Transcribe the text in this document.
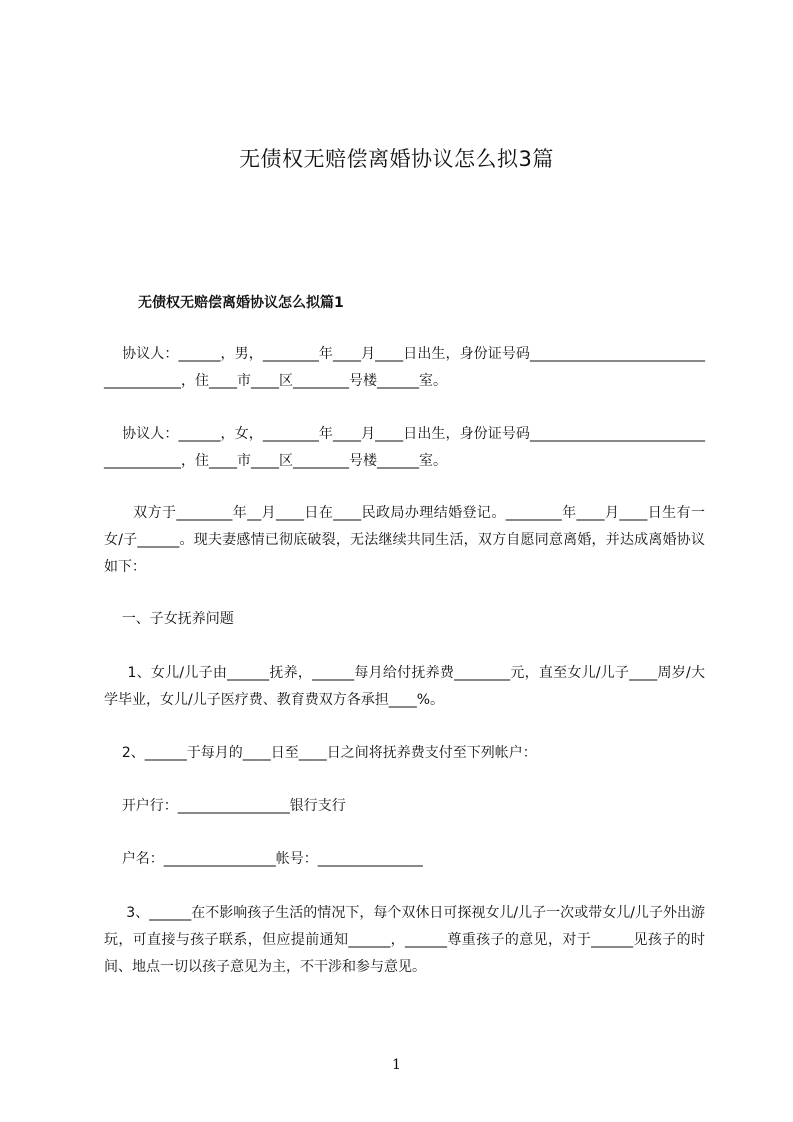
无债权无赔偿离婚协议怎么拟3篇
无债权无赔偿离婚协议怎么拟篇1
协议人：______，男，________年____月____日出生，身份证号码____________________________________，住____市____区________号楼______室。
协议人：______，女，________年____月____日出生，身份证号码____________________________________，住____市____区________号楼______室。
双方于________年__月____日在____民政局办理结婚登记。________年____月____日生有一女/子______。现夫妻感情已彻底破裂，无法继续共同生活，双方自愿同意离婚，并达成离婚协议如下：
一、子女抚养问题
1、女儿/儿子由______抚养，______每月给付抚养费________元，直至女儿/儿子____周岁/大学毕业，女儿/儿子医疗费、教育费双方各承担____%。
2、______于每月的____日至____日之间将抚养费支付至下列帐户：
开户行：________________银行支行
户名：________________帐号：_______________
3、______在不影响孩子生活的情况下，每个双休日可探视女儿/儿子一次或带女儿/儿子外出游玩，可直接与孩子联系，但应提前通知______，______尊重孩子的意见，对于______见孩子的时间、地点一切以孩子意见为主，不干涉和参与意见。
1
